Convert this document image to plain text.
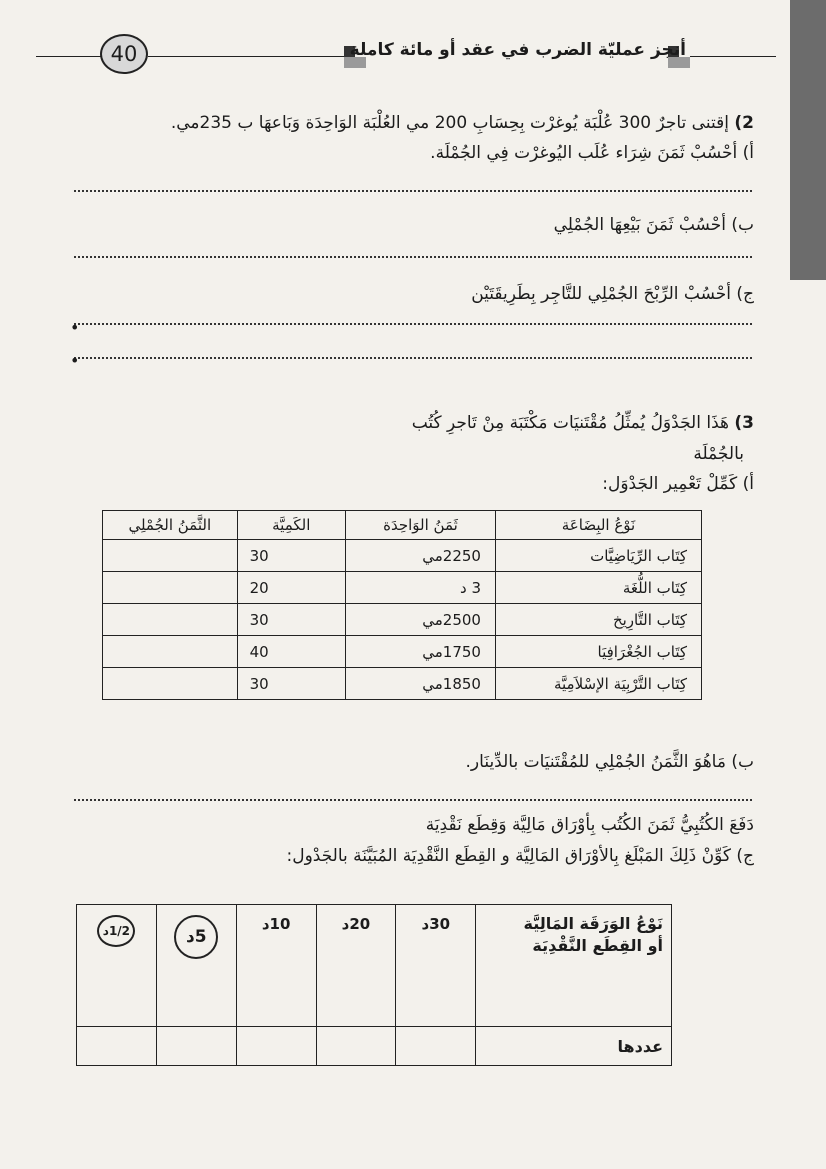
40	أنجز عمليّة الضرب في عقد أو مائة كاملة
2) إقتنى تاجرٌ 300 عُلْبَة يُوغرْت بِحِسَابِ 200 مي العُلْبَة الوَاحِدَة وَبَاعهَا ب 235مي.
أ) أحْسُبْ ثَمَنَ شِرَاء عُلَب اليُوغرْت فِي الجُمْلَة.
ب) أحْسُبْ ثَمَنَ بَيْعِهَا الجُمْلِي
ج) أحْسُبْ الرِّبْحَ الجُمْلِي للتَّاجِر بِطَرِيقَتَيْن
•
•
3) هَذَا الجَدْوَلُ يُمثِّلُ مُقْتَنيَات مَكْتَبَة مِنْ تَاجرِ كُتُب
بالجُمْلَة
أ) كَمِّلْ تَعْمِير الجَدْوَل:
نَوْعُ البِضَاعَة	ثَمَنُ الوَاحِدَة	الكَمِيَّة	الثَّمَنُ الجُمْلِي
كِتَاب الرِّيَاضِيَّات	2250مي	30	
كِتَاب اللُّغَة	3 د	20	
كِتَاب التَّارِيخ	2500مي	30	
كِتَاب الجُغْرَافِيَا	1750مي	40	
كِتَاب التَّرْبِيَة الإسْلاَمِيَّة	1850مي	30	
ب) مَاهُوَ الثَّمَنُ الجُمْلِي للمُقْتَنيَات بالدِّينَار.
دَفَعَ الكُتُبِيُّ ثَمَنَ الكُتُب بِأوْرَاق مَالِيَّة وَقِطَع نَقْدِيَة
ج) كَوِّنْ ذَلِكَ المَبْلَغ بِالأوْرَاق المَالِيَّة و القِطَع النَّقْدِيَة المُبَيَّنَة بالجَدْول:
نَوْعُ الوَرَقَة المَالِيَّة
أو القِطَع النَّقْدِيَة	30د	20د	10د	5د	1/2د
عددها					
